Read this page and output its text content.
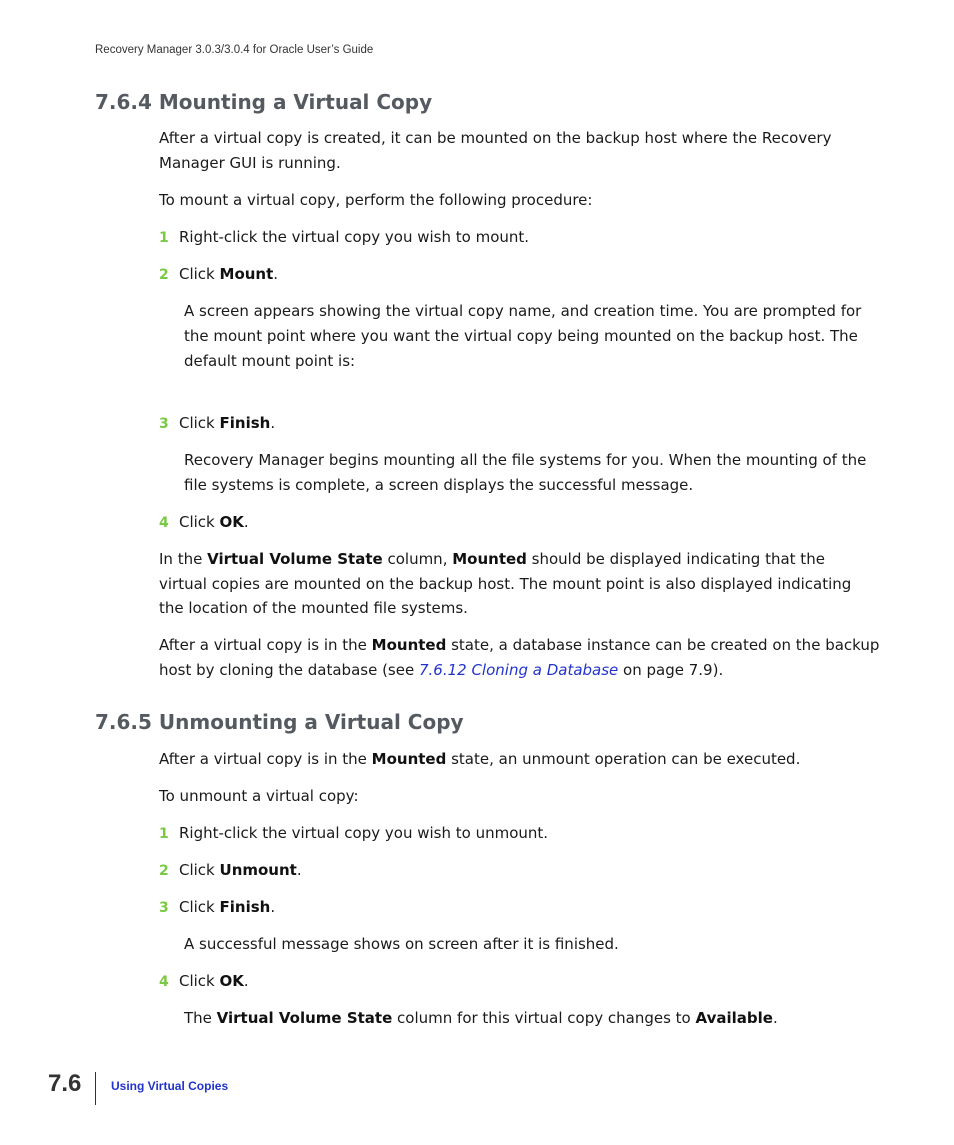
Recovery Manager 3.0.3/3.0.4 for Oracle User’s Guide
7.6.4 Mounting a Virtual Copy

After a virtual copy is created, it can be mounted on the backup host where the Recovery

Manager GUI is running.

To mount a virtual copy, perform the following procedure:

1 Right-click the virtual copy you wish to mount.
2 Click Mount.

A screen appears showing the virtual copy name, and creation time. You are prompted for

the mount point where you want the virtual copy being mounted on the backup host. The

default mount point is:

3 Click Finish.

Recovery Manager begins mounting all the file systems for you. When the mounting of the

file systems is complete, a screen displays the successful message.

4 Click OK.

In the Virtual Volume State column, Mounted should be displayed indicating that the

virtual copies are mounted on the backup host. The mount point is also displayed indicating

the location of the mounted file systems.

After a virtual copy is in the Mounted state, a database instance can be created on the backup

host by cloning the database (see 7.6.12 Cloning a Database on page 7.9).

7.6.5 Unmounting a Virtual Copy

After a virtual copy is in the Mounted state, an unmount operation can be executed.

To unmount a virtual copy:

1 Right-click the virtual copy you wish to unmount.
2 Click Unmount.
3 Click Finish.

A successful message shows on screen after it is finished.

4 Click OK.

The Virtual Volume State column for this virtual copy changes to Available.

7.6 Using Virtual Copies
